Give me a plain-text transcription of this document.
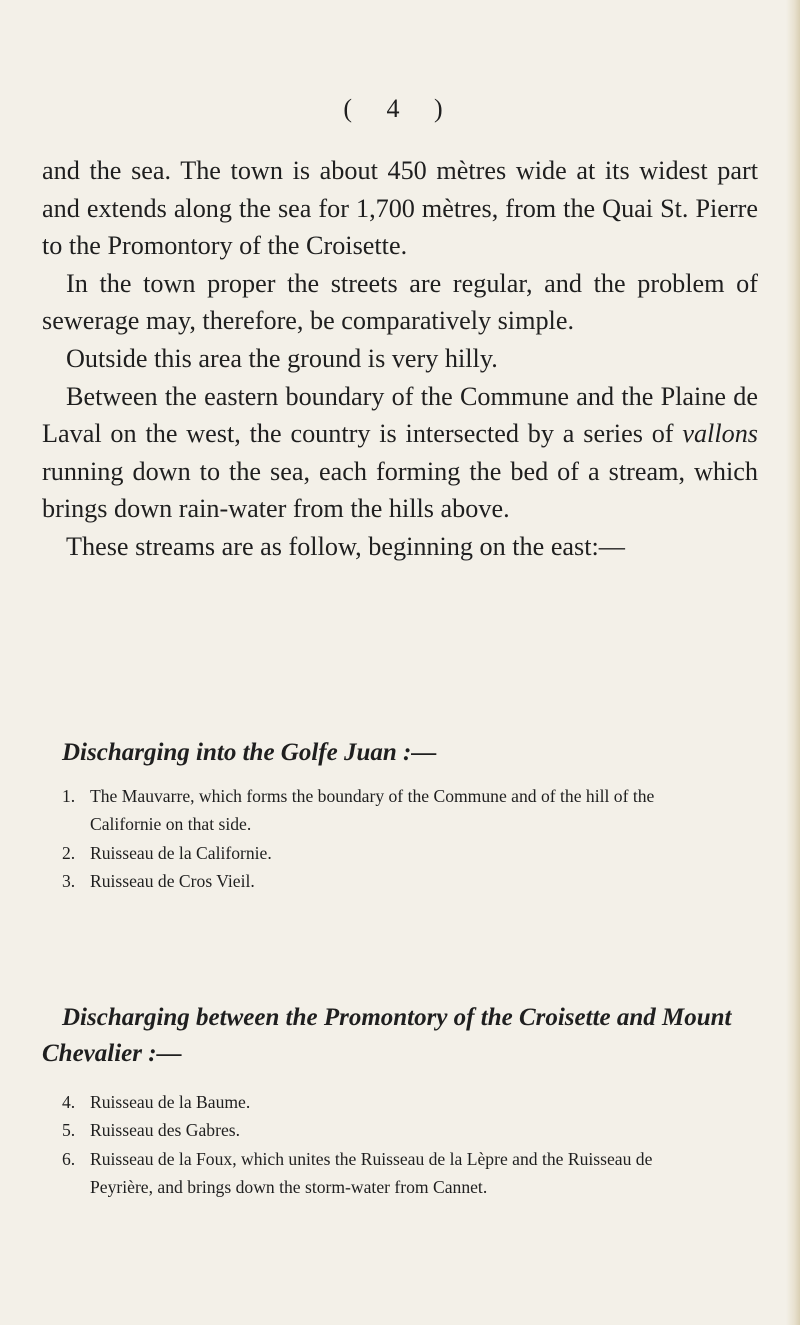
( 4 )

and the sea. The town is about 450 mètres wide at its widest part and extends along the sea for 1,700 mètres, from the Quai St. Pierre to the Promontory of the Croisette.

In the town proper the streets are regular, and the problem of sewerage may, therefore, be comparatively simple.

Outside this area the ground is very hilly.

Between the eastern boundary of the Commune and the Plaine de Laval on the west, the country is intersected by a series of vallons running down to the sea, each forming the bed of a stream, which brings down rain-water from the hills above.

These streams are as follow, beginning on the east:—

Discharging into the Golfe Juan :—
1. The Mauvarre, which forms the boundary of the Commune and of the hill of the Californie on that side.
2. Ruisseau de la Californie.
3. Ruisseau de Cros Vieil.
Discharging between the Promontory of the Croisette and Mount Chevalier :—
4. Ruisseau de la Baume.
5. Ruisseau des Gabres.
6. Ruisseau de la Foux, which unites the Ruisseau de la Lèpre and the Ruisseau de Peyrière, and brings down the storm-water from Cannet.
